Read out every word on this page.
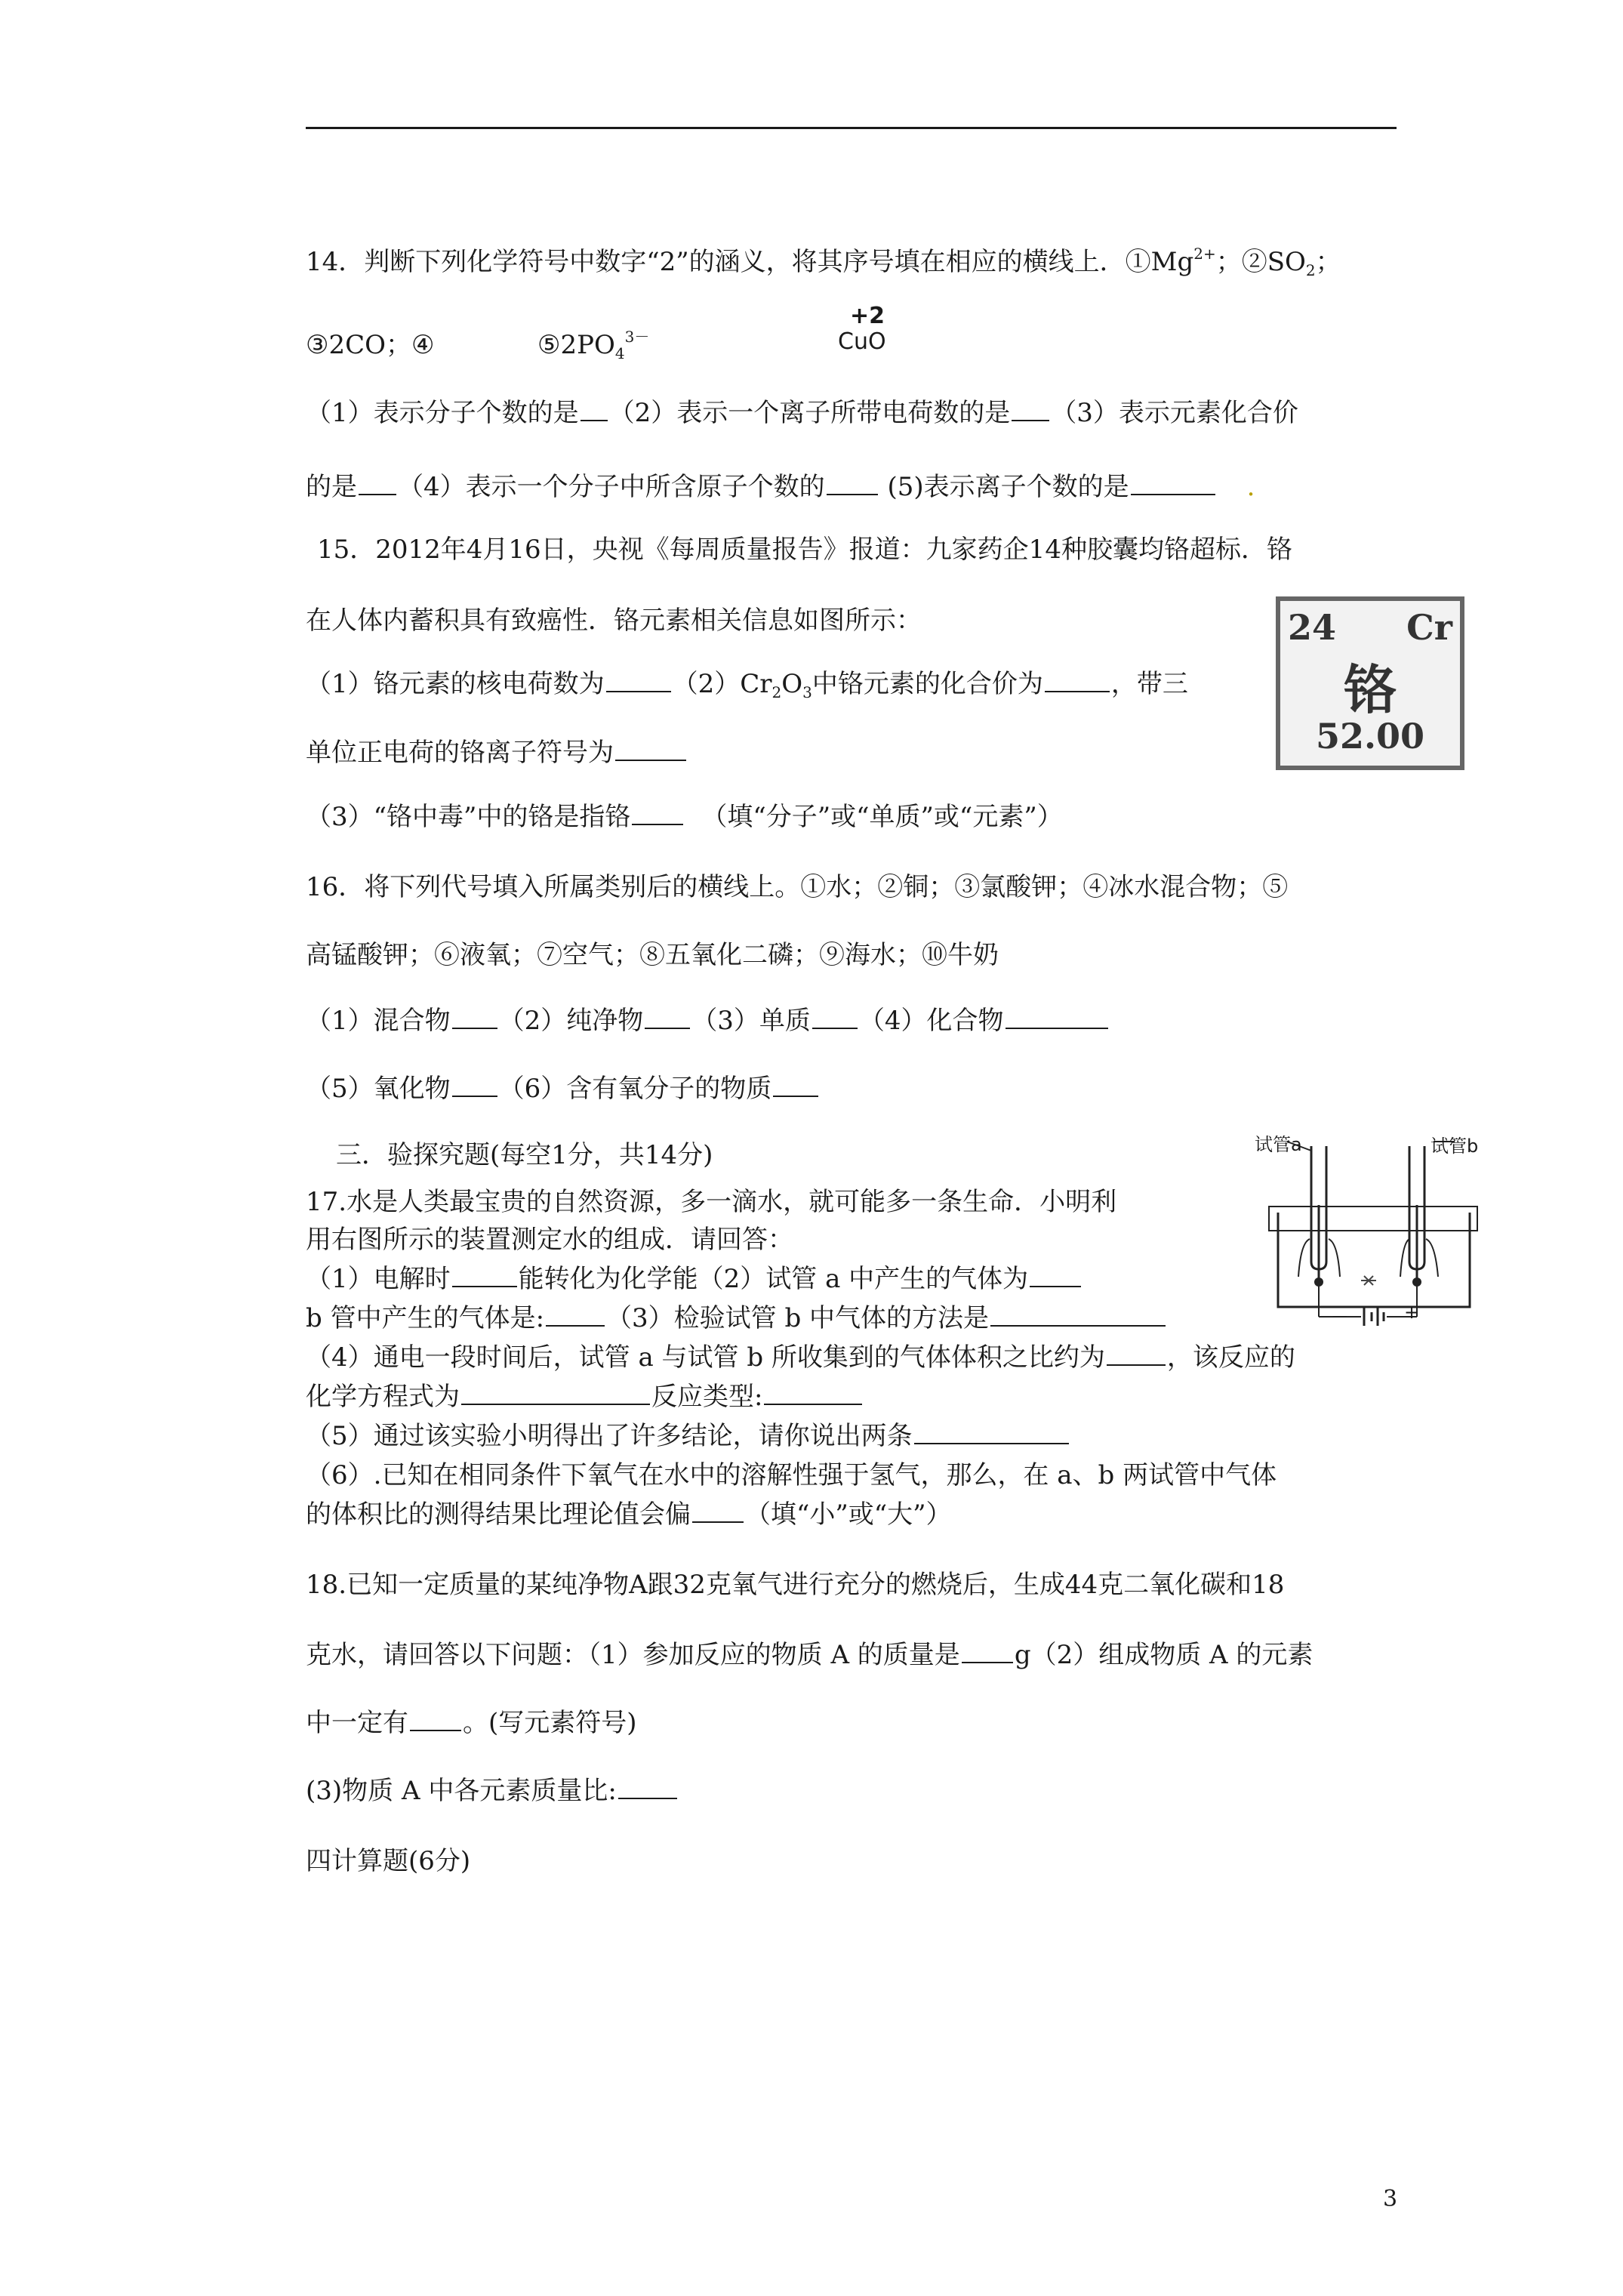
14．判断下列化学符号中数字“2”的涵义，将其序号填在相应的横线上．$①Mg^{2+}$；$②SO_2$；
③2CO；④	$⑤2PO_4^{3-}$
+2
CuO
（1）表示分子个数的是 （2）表示一个离子所带电荷数的是 （3）表示元素化合价
的是 （4）表示一个分子中所含原子个数的 (5)表示离子个数的是	.
15．2012年4月16日，央视《每周质量报告》报道：九家药企14种胶囊均铬超标．铬
在人体内蓄积具有致癌性．铬元素相关信息如图所示：	24 Cr
铬
52.00
（1）铬元素的核电荷数为	$(2)Cr_2O_3$中铬元素的化合价为	，带三
单位正电荷的铬离子符号为
（3）“铬中毒”中的铬是指铬	（填“分子”或“单质”或“元素”）
16．将下列代号填入所属类别后的横线上。①水；②铜；③氯酸钾；④冰水混合物；⑤
高锰酸钾；⑥液氧；⑦空气；⑧五氧化二磷；⑨海水；⑩牛奶
（1）混合物 （2）纯净物 （3）单质 （4）化合物
（5）氧化物 （6）含有氧分子的物质
三．验探究题(每空1分，共14分)	试管a	试管b
－	+
17.水是人类最宝贵的自然资源，多一滴水，就可能多一条生命．小明利
用右图所示的装置测定水的组成．请回答：
（1）电解时	能转化为化学能（2）试管 a 中产生的气体为
b 管中产生的气体是: （3）检验试管 b 中气体的方法是
（4）通电一段时间后，试管 a 与试管 b 所收集到的气体体积之比约为 ，该反应的
化学方程式为	反应类型:
（5）通过该实验小明得出了许多结论，请你说出两条
（6）.已知在相同条件下氧气在水中的溶解性强于氢气，那么，在 a、b 两试管中气体
的体积比的测得结果比理论值会偏 （填“小”或“大”）
18.已知一定质量的某纯净物A跟32克氧气进行充分的燃烧后，生成44克二氧化碳和18
克水，请回答以下问题：（1）参加反应的物质 A 的质量是 g（2）组成物质 A 的元素
中一定有 。(写元素符号)
(3)物质 A 中各元素质量比:
四计算题(6分)
3
